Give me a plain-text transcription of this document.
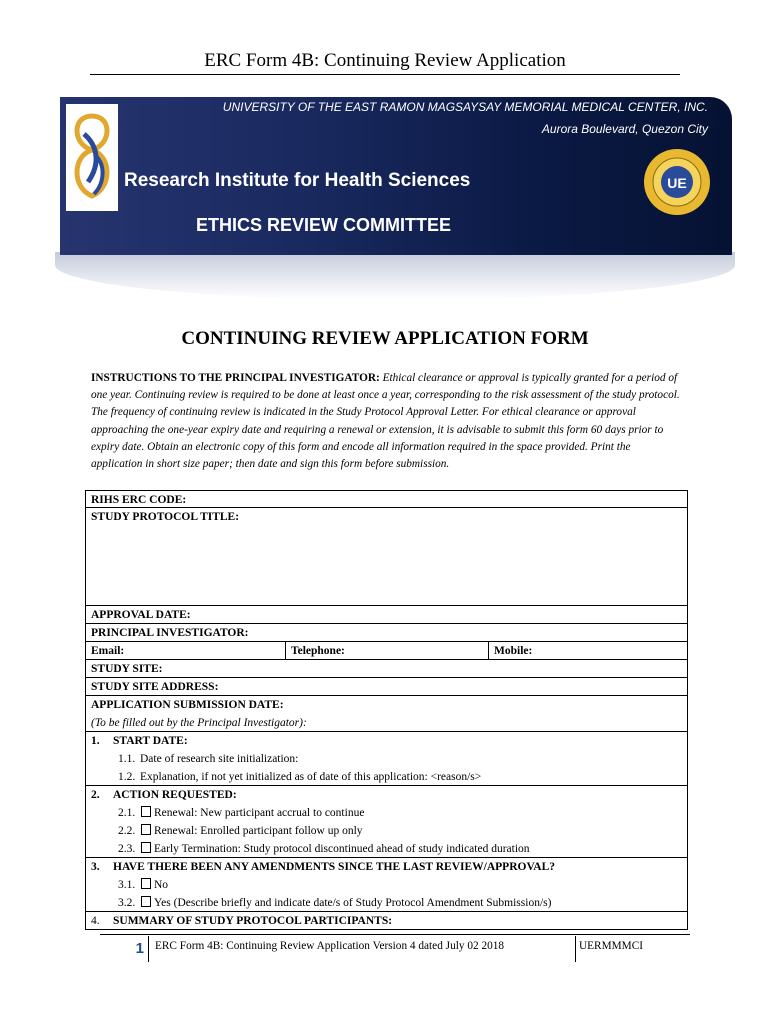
ERC Form 4B: Continuing Review Application
UNIVERSITY OF THE EAST RAMON MAGSAYSAY MEMORIAL MEDICAL CENTER, INC.
Aurora Boulevard, Quezon City
Research Institute for Health Sciences
ETHICS REVIEW COMMITTEE
UE
CONTINUING REVIEW APPLICATION FORM
INSTRUCTIONS TO THE PRINCIPAL INVESTIGATOR: Ethical clearance or approval is typically granted for a period of one year. Continuing review is required to be done at least once a year, corresponding to the risk assessment of the study protocol. The frequency of continuing review is indicated in the Study Protocol Approval Letter. For ethical clearance or approval approaching the one-year expiry date and requiring a renewal or extension, it is advisable to submit this form 60 days prior to expiry date. Obtain an electronic copy of this form and encode all information required in the space provided. Print the application in short size paper; then date and sign this form before submission.
RIHS ERC CODE:
STUDY PROTOCOL TITLE:
APPROVAL DATE:
PRINCIPAL INVESTIGATOR:
Email:	Telephone:	Mobile:
STUDY SITE:
STUDY SITE ADDRESS:
APPLICATION SUBMISSION DATE:
(To be filled out by the Principal Investigator):
1. START DATE:
1.1. Date of research site initialization:
1.2. Explanation, if not yet initialized as of date of this application: <reason/s>
2. ACTION REQUESTED:
2.1. Renewal: New participant accrual to continue
2.2. Renewal: Enrolled participant follow up only
2.3. Early Termination: Study protocol discontinued ahead of study indicated duration
3. HAVE THERE BEEN ANY AMENDMENTS SINCE THE LAST REVIEW/APPROVAL?
3.1. No
3.2. Yes (Describe briefly and indicate date/s of Study Protocol Amendment Submission/s)
4. SUMMARY OF STUDY PROTOCOL PARTICIPANTS:
1 ERC Form 4B: Continuing Review Application Version 4 dated July 02 2018	UERMMMCI
